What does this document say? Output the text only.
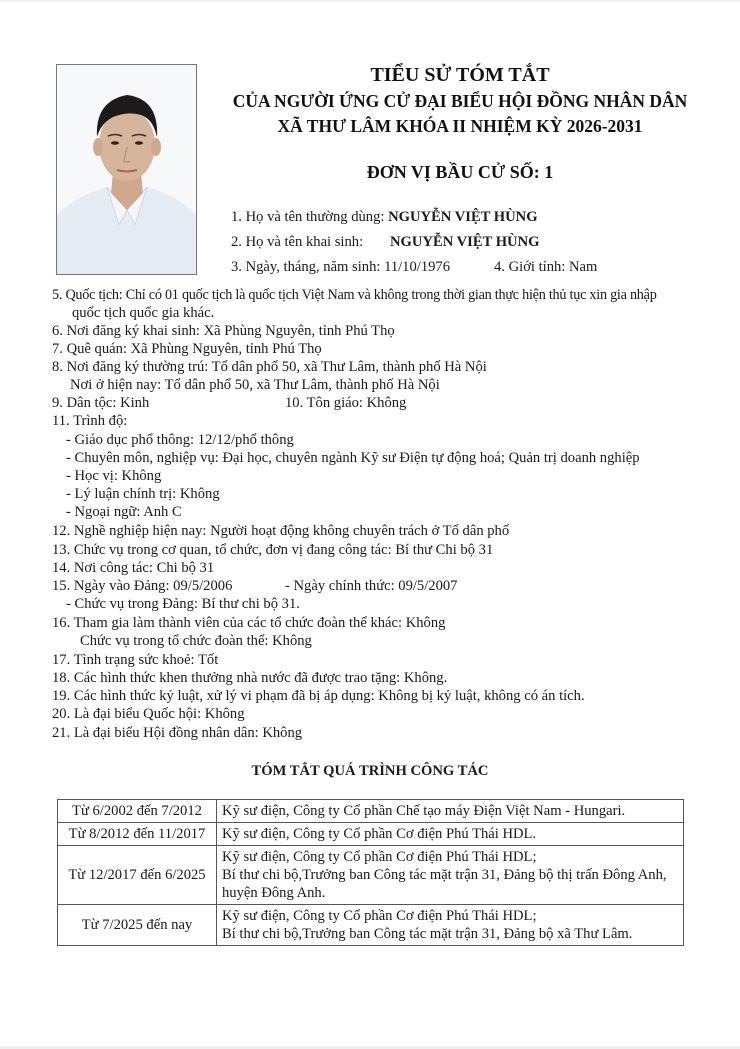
TIỂU SỬ TÓM TẮT
CỦA NGƯỜI ỨNG CỬ ĐẠI BIỂU HỘI ĐỒNG NHÂN DÂN
XÃ THƯ LÂM KHÓA II NHIỆM KỲ 2026-2031
ĐƠN VỊ BẦU CỬ SỐ: 1
1. Họ và tên thường dùng: NGUYỄN VIỆT HÙNG
2. Họ và tên khai sinh: NGUYỄN VIỆT HÙNG
3. Ngày, tháng, năm sinh: 11/10/1976	4. Giới tính: Nam
5. Quốc tịch: Chỉ có 01 quốc tịch là quốc tịch Việt Nam và không trong thời gian thực hiện thủ tục xin gia nhập
quốc tịch quốc gia khác.
6. Nơi đăng ký khai sinh: Xã Phùng Nguyên, tỉnh Phú Thọ
7. Quê quán: Xã Phùng Nguyên, tỉnh Phú Thọ
8. Nơi đăng ký thường trú: Tổ dân phố 50, xã Thư Lâm, thành phố Hà Nội
Nơi ở hiện nay: Tổ dân phố 50, xã Thư Lâm, thành phố Hà Nội
9. Dân tộc: Kinh	10. Tôn giáo: Không
11. Trình độ:
- Giáo dục phổ thông: 12/12/phổ thông
- Chuyên môn, nghiệp vụ: Đại học, chuyên ngành Kỹ sư Điện tự động hoá; Quản trị doanh nghiệp
- Học vị: Không
- Lý luận chính trị: Không
- Ngoại ngữ: Anh C
12. Nghề nghiệp hiện nay: Người hoạt động không chuyên trách ở Tổ dân phố
13. Chức vụ trong cơ quan, tổ chức, đơn vị đang công tác: Bí thư Chi bộ 31
14. Nơi công tác: Chi bộ 31
15. Ngày vào Đảng: 09/5/2006	- Ngày chính thức: 09/5/2007
- Chức vụ trong Đảng: Bí thư chi bộ 31.
16. Tham gia làm thành viên của các tổ chức đoàn thể khác: Không
Chức vụ trong tổ chức đoàn thể: Không
17. Tình trạng sức khoẻ: Tốt
18. Các hình thức khen thưởng nhà nước đã được trao tặng: Không.
19. Các hình thức kỷ luật, xử lý vi phạm đã bị áp dụng: Không bị kỷ luật, không có án tích.
20. Là đại biểu Quốc hội: Không
21. Là đại biểu Hội đồng nhân dân: Không
TÓM TẮT QUÁ TRÌNH CÔNG TÁC
Từ 6/2002 đến 7/2012	Kỹ sư điện, Công ty Cổ phần Chế tạo máy Điện Việt Nam - Hungari.

Từ 8/2012 đến 11/2017	Kỹ sư điện, Công ty Cổ phần Cơ điện Phú Thái HDL.

Từ 12/2017 đến 6/2025	Kỹ sư điện, Công ty Cổ phần Cơ điện Phú Thái HDL;
Bí thư chi bộ,Trưởng ban Công tác mặt trận 31, Đảng bộ thị trấn Đông Anh,
huyện Đông Anh.

Từ 7/2025 đến nay	Kỹ sư điện, Công ty Cổ phần Cơ điện Phú Thái HDL;
Bí thư chi bộ,Trưởng ban Công tác mặt trận 31, Đảng bộ xã Thư Lâm.
